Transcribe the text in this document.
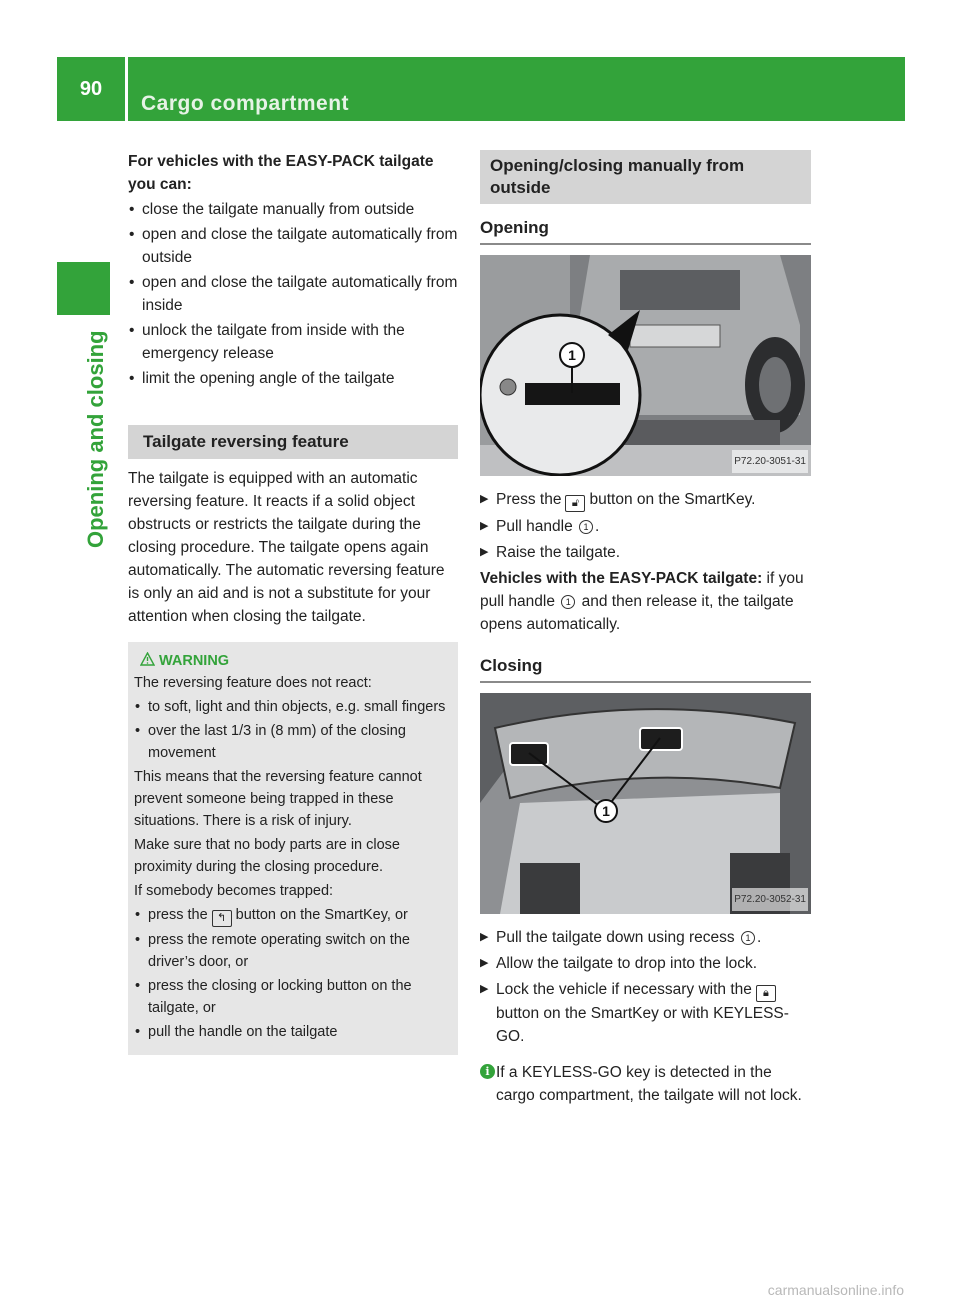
90
Cargo compartment
Opening and closing

For vehicles with the EASY-PACK tailgate you can:

• close the tailgate manually from outside
• open and close the tailgate automatically from outside
• open and close the tailgate automatically from inside
• unlock the tailgate from inside with the emergency release
• limit the opening angle of the tailgate
Tailgate reversing feature

The tailgate is equipped with an automatic reversing feature. It reacts if a solid object obstructs or restricts the tailgate during the closing procedure. The tailgate opens again automatically. The automatic reversing feature is only an aid and is not a substitute for your attention when closing the tailgate.

WARNING

The reversing feature does not react:

• to soft, light and thin objects, e.g. small fingers
• over the last 1/3 in (8 mm) of the closing movement

This means that the reversing feature cannot prevent someone being trapped in these situations. There is a risk of injury.

Make sure that no body parts are in close proximity during the closing procedure.

If somebody becomes trapped:

• press the ↰ button on the SmartKey, or
• press the remote operating switch on the driver’s door, or
• press the closing or locking button on the tailgate, or
• pull the handle on the tailgate
Opening/closing manually from outside
Opening
1
P72.20-3051-31
▶ Press the 🔓︎ button on the SmartKey.
▶ Pull handle 1 .
▶ Raise the tailgate.

Vehicles with the EASY-PACK tailgate: if you pull handle 1 and then release it, the tailgate opens automatically.

Closing
1
P72.20-3052-31
▶ Pull the tailgate down using recess 1 .
▶ Allow the tailgate to drop into the lock.
▶ Lock the vehicle if necessary with the 🔒︎button on the SmartKey or with KEYLESS-GO.
i If a KEYLESS-GO key is detected in the cargo compartment, the tailgate will not lock.
carmanualsonline.info
